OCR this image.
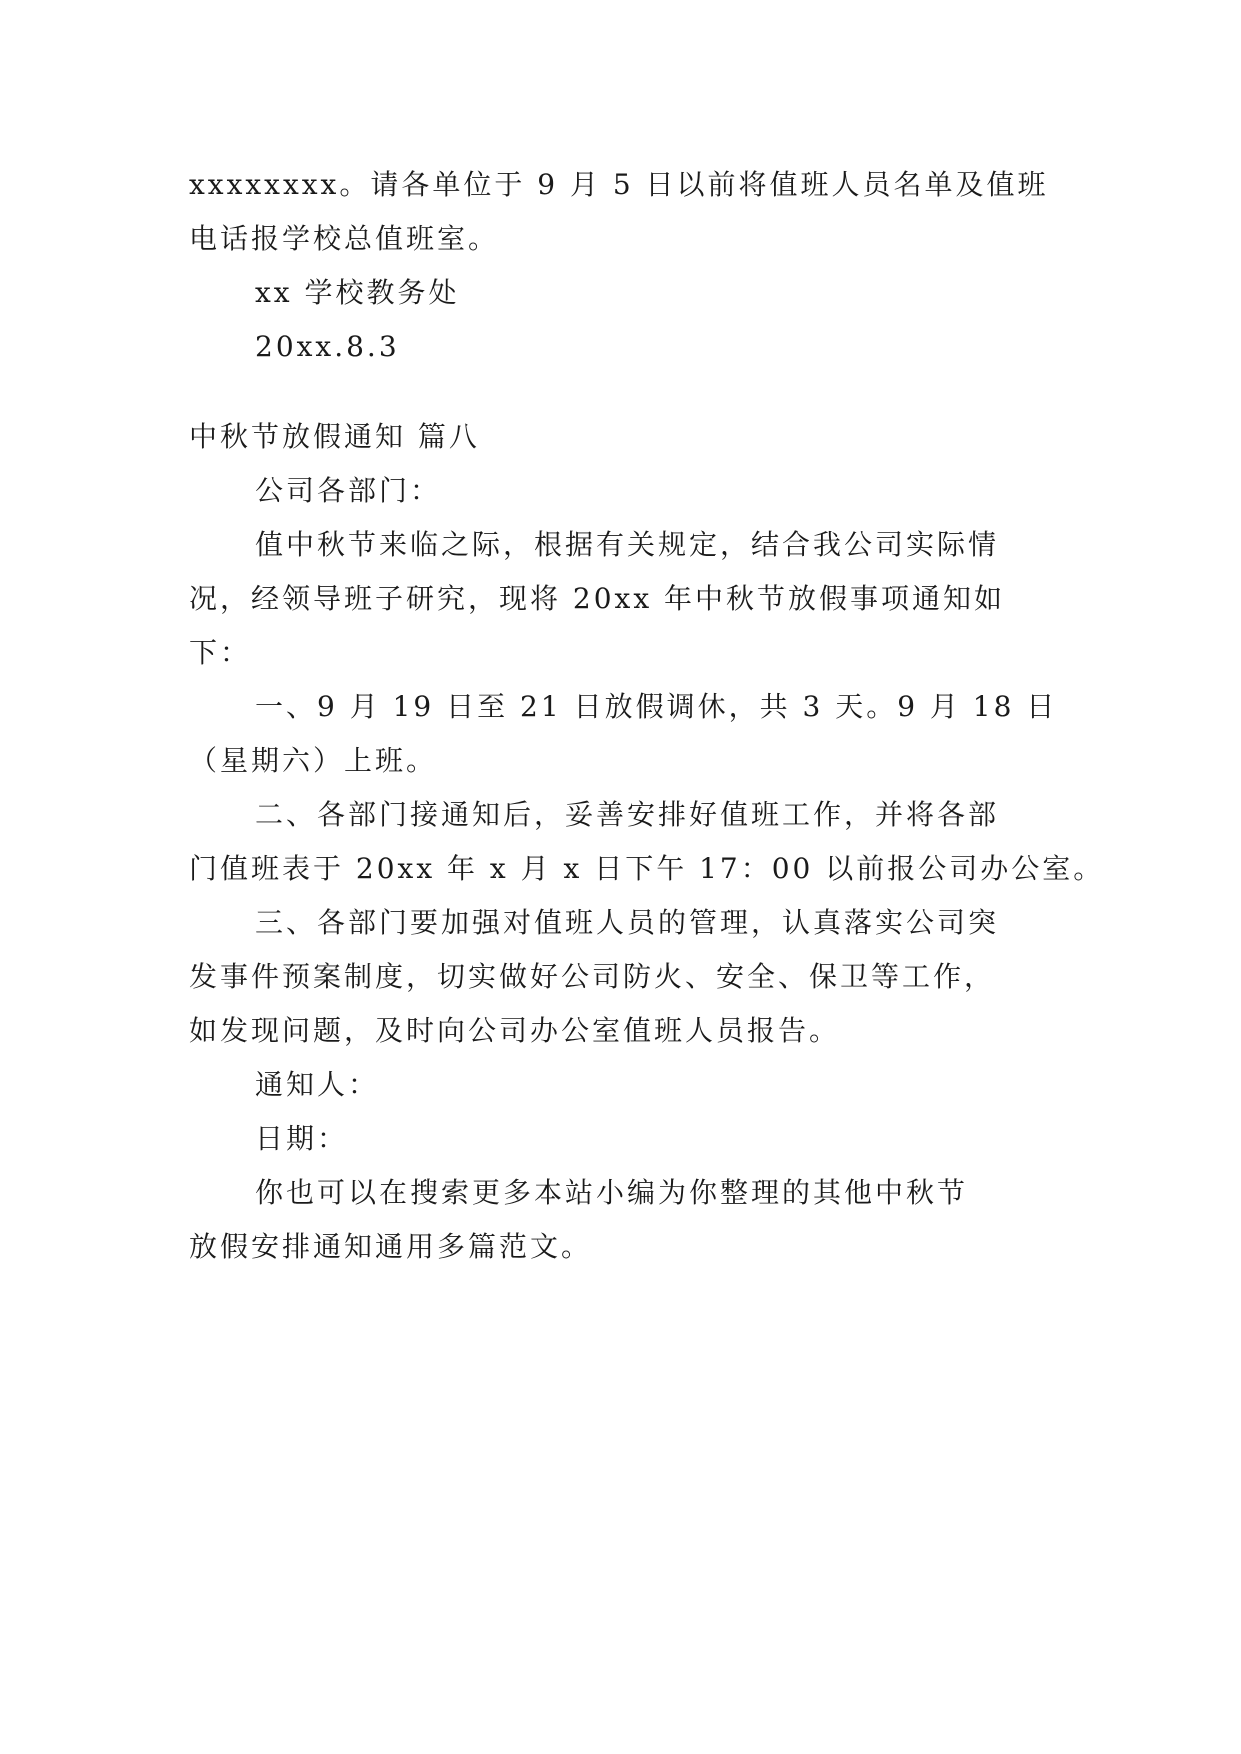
xxxxxxxx。请各单位于 9 月 5 日以前将值班人员名单及值班
电话报学校总值班室。

xx 学校教务处

20xx.8.3

中秋节放假通知 篇八

公司各部门：

值中秋节来临之际，根据有关规定，结合我公司实际情
况，经领导班子研究，现将 20xx 年中秋节放假事项通知如
下：

一、9 月 19 日至 21 日放假调休，共 3 天。9 月 18 日
（星期六）上班。

二、各部门接通知后，妥善安排好值班工作，并将各部
门值班表于 20xx 年 x 月 x 日下午 17：00 以前报公司办公室。

三、各部门要加强对值班人员的管理，认真落实公司突
发事件预案制度，切实做好公司防火、安全、保卫等工作，
如发现问题，及时向公司办公室值班人员报告。

通知人：

日期：

你也可以在搜索更多本站小编为你整理的其他中秋节
放假安排通知通用多篇范文。
